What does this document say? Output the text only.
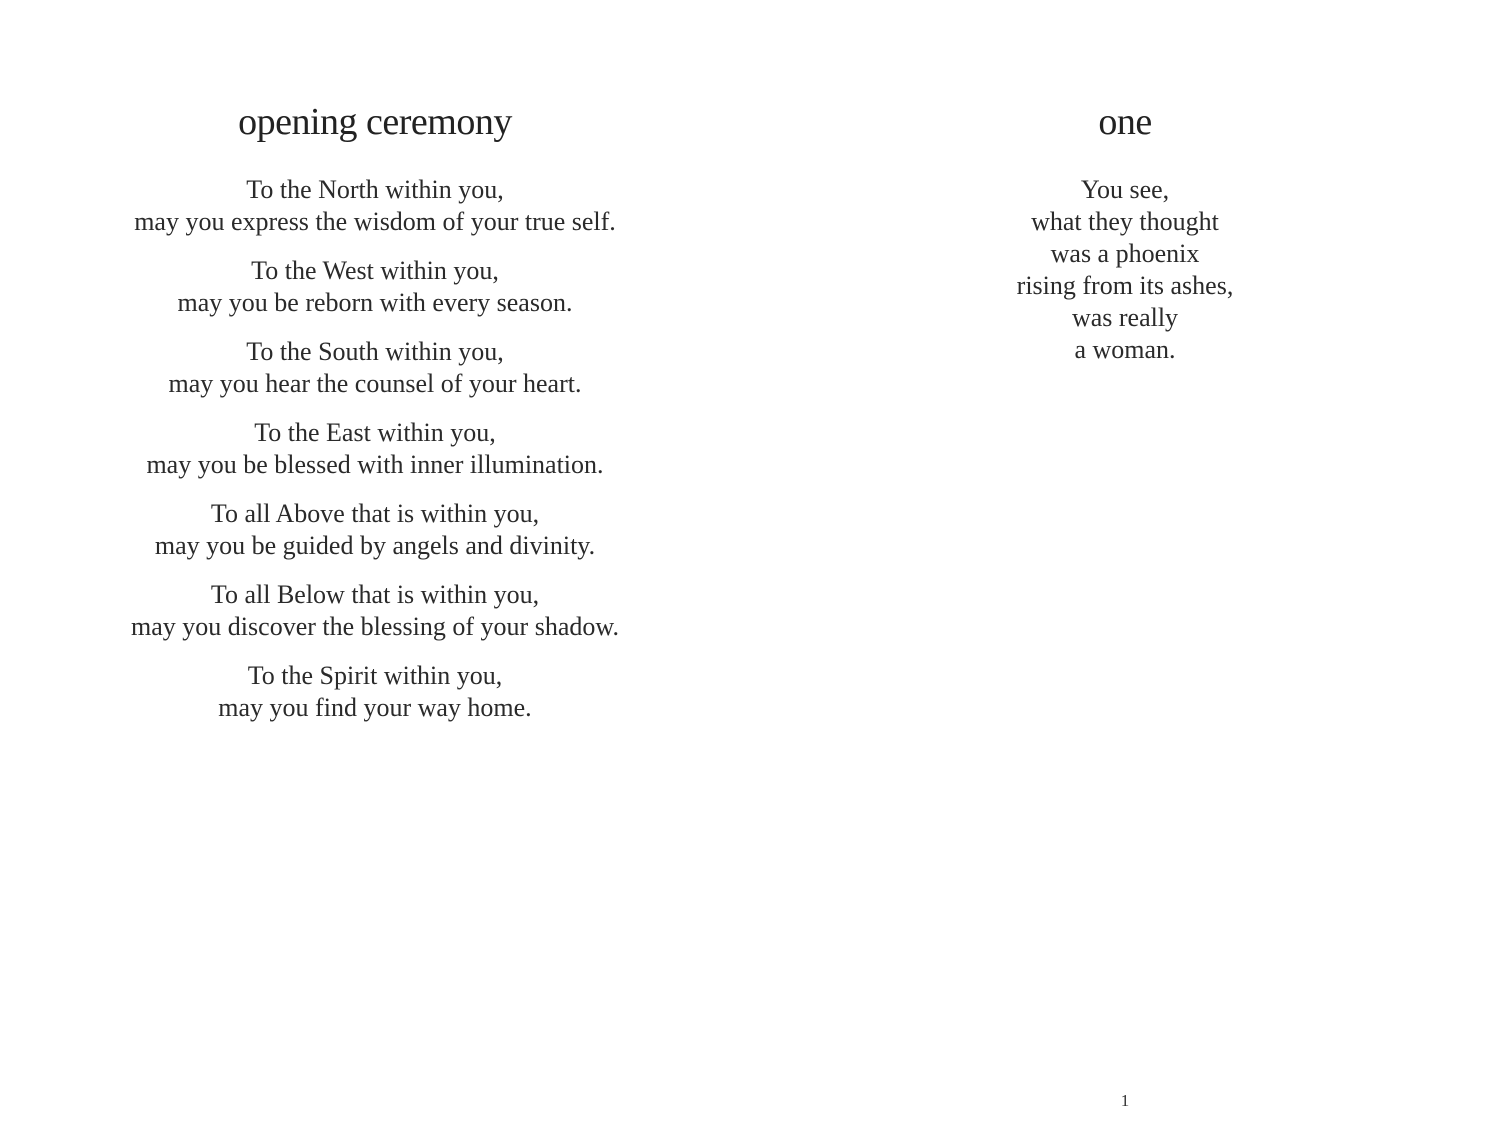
opening ceremony
To the North within you,
may you express the wisdom of your true self.
To the West within you,
may you be reborn with every season.
To the South within you,
may you hear the counsel of your heart.
To the East within you,
may you be blessed with inner illumination.
To all Above that is within you,
may you be guided by angels and divinity.
To all Below that is within you,
may you discover the blessing of your shadow.
To the Spirit within you,
may you find your way home.
one
You see,
what they thought
was a phoenix
rising from its ashes,
was really
a woman.
1
